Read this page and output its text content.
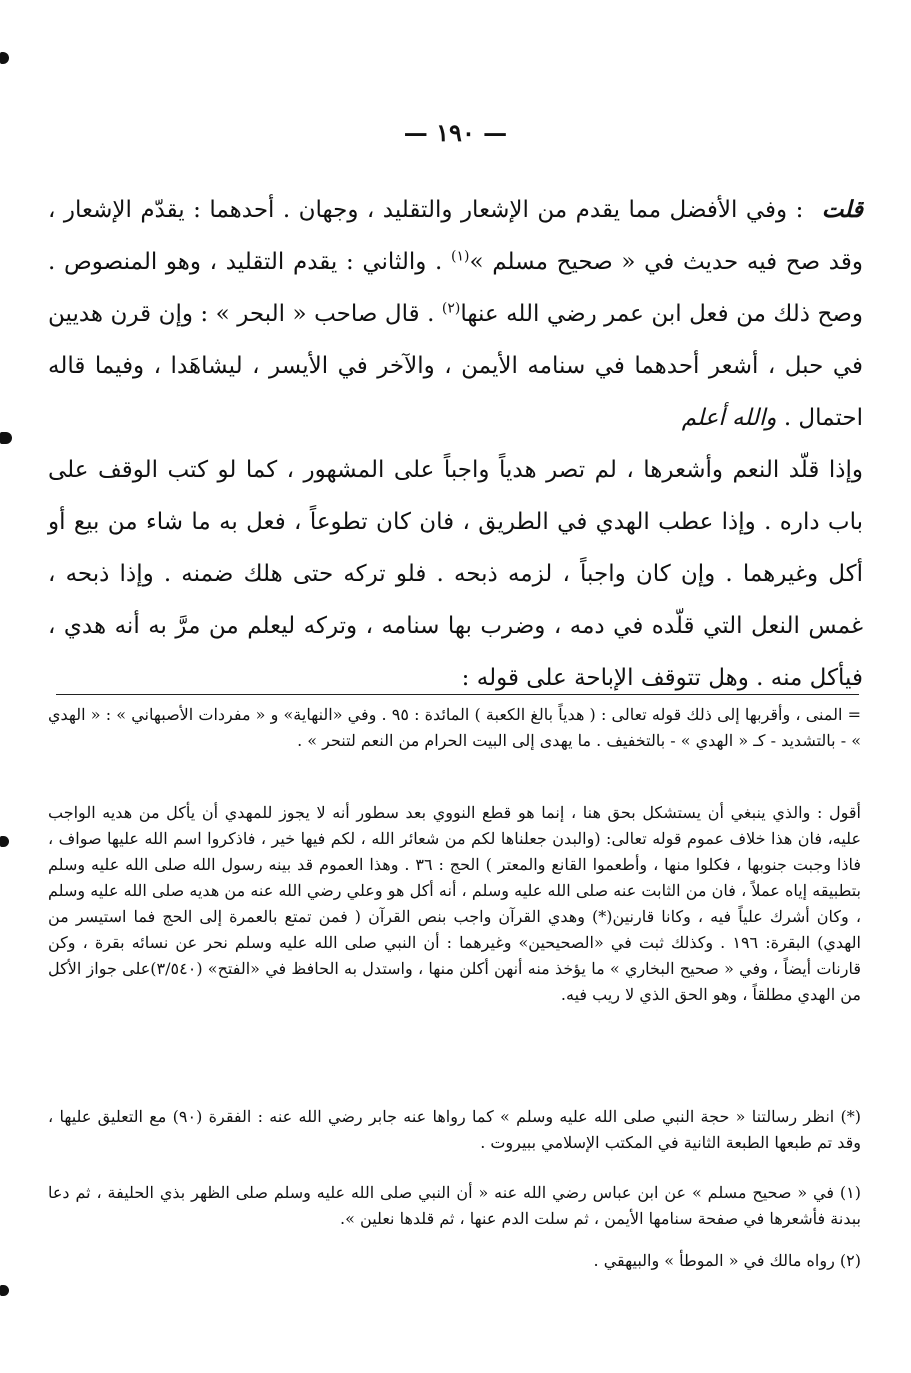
— ١٩٠ —
قلت : وفي الأفضل مما يقدم من الإشعار والتقليد ، وجهان . أحدهما : يقدّم الإشعار ، وقد صح فيه حديث في « صحيح مسلم »$^{(١)}$ . والثاني : يقدم التقليد ، وهو المنصوص . وصح ذلك من فعل ابن عمر رضي الله عنها$^{(٢)}$ . قال صاحب « البحر » : وإن قرن هديين في حبل ، أشعر أحدهما في سنامه الأيمن ، والآخر في الأيسر ، ليشاهَدا ، وفيما قاله احتمال . والله أعلم
وإذا قلّد النعم وأشعرها ، لم تصر هدياً واجباً على المشهور ، كما لو كتب الوقف على باب داره . وإذا عطب الهدي في الطريق ، فان كان تطوعاً ، فعل به ما شاء من بيع أو أكل وغيرهما . وإن كان واجباً ، لزمه ذبحه . فلو تركه حتى هلك ضمنه . وإذا ذبحه ، غمس النعل التي قلّده في دمه ، وضرب بها سنامه ، وتركه ليعلم من مرَّ به أنه هدي ، فيأكل منه . وهل تتوقف الإباحة على قوله :
= المنى ، وأقربها إلى ذلك قوله تعالى : ( هدياً بالغ الكعبة ) المائدة : ٩٥ . وفي «النهاية» و « مفردات الأصبهاني » : « الهدي » - بالتشديد - كـ « الهدي » - بالتخفيف . ما يهدى إلى البيت الحرام من النعم لتنحر » .
أقول : والذي ينبغي أن يستشكل بحق هنا ، إنما هو قطع النووي بعد سطور أنه لا يجوز للمهدي أن يأكل من هديه الواجب عليه، فان هذا خلاف عموم قوله تعالى: (والبدن جعلناها لكم من شعائر الله ، لكم فيها خير ، فاذكروا اسم الله عليها صواف ، فاذا وجبت جنوبها ، فكلوا منها ، وأطعموا القانع والمعتر ) الحج : ٣٦ . وهذا العموم قد بينه رسول الله صلى الله عليه وسلم بتطبيقه إياه عملاً ، فان من الثابت عنه صلى الله عليه وسلم ، أنه أكل هو وعلي رضي الله عنه من هديه صلى الله عليه وسلم ، وكان أشرك علياً فيه ، وكانا قارنين(*) وهدي القرآن واجب بنص القرآن ( فمن تمتع بالعمرة إلى الحج فما استيسر من الهدي) البقرة: ١٩٦ . وكذلك ثبت في «الصحيحين» وغيرهما : أن النبي صلى الله عليه وسلم نحر عن نسائه بقرة ، وكن قارنات أيضاً ، وفي « صحيح البخاري » ما يؤخذ منه أنهن أكلن منها ، واستدل به الحافظ في «الفتح» (٣/٥٤٠)على جواز الأكل من الهدي مطلقاً ، وهو الحق الذي لا ريب فيه.
(*) انظر رسالتنا « حجة النبي صلى الله عليه وسلم » كما رواها عنه جابر رضي الله عنه : الفقرة (٩٠) مع التعليق عليها ، وقد تم طبعها الطبعة الثانية في المكتب الإسلامي ببيروت .
(١) في « صحيح مسلم » عن ابن عباس رضي الله عنه « أن النبي صلى الله عليه وسلم صلى الظهر بذي الحليفة ، ثم دعا ببدنة فأشعرها في صفحة سنامها الأيمن ، ثم سلت الدم عنها ، ثم قلدها نعلين ».
(٢) رواه مالك في « الموطأ » والبيهقي .
